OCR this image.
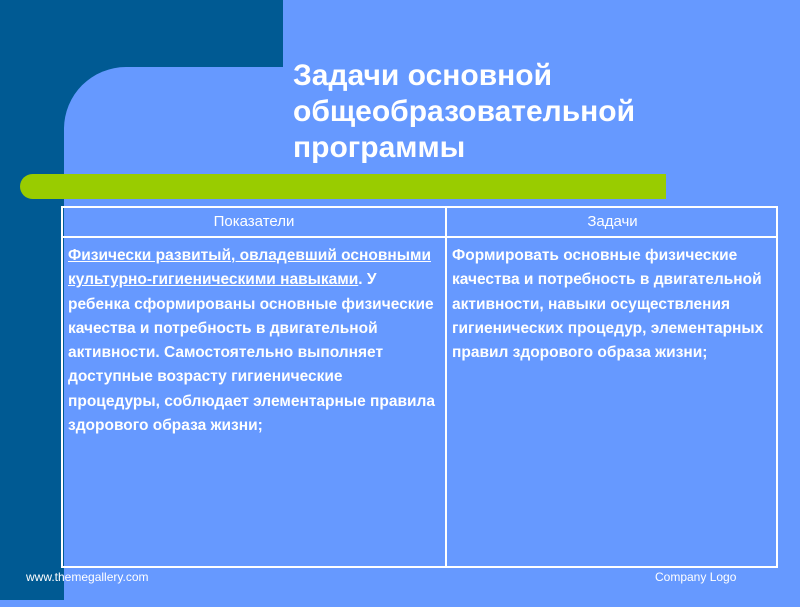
Задачи основной
общеобразовательной
программы
Показатели	Задачи

Физически развитый, овладевший основными культурно-гигиеническими навыками. У ребенка сформированы основные физические качества и потребность в двигательной активности. Самостоятельно выполняет доступные возрасту гигиенические процедуры, соблюдает элементарные правила здорового образа жизни;

Формировать основные физические качества и потребность в двигательной активности, навыки осуществления гигиенических процедур, элементарных правил здорового образа жизни;

www.themegallery.com	Company Logo
